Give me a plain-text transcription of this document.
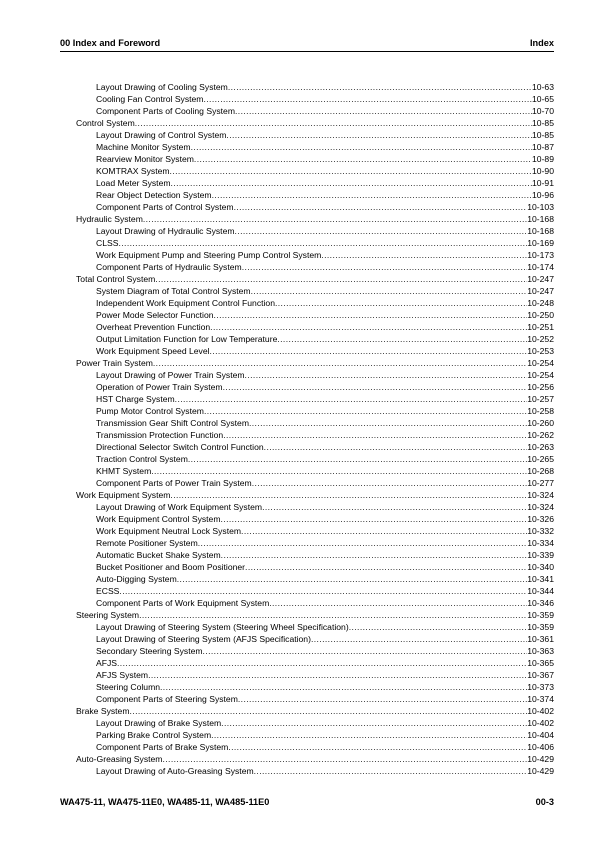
00 Index and Foreword	Index
Layout Drawing of Cooling System .....	10-63
Cooling Fan Control System .....	10-65
Component Parts of Cooling System .....	10-70
Control System .....	10-85
Layout Drawing of Control System .....	10-85
Machine Monitor System .....	10-87
Rearview Monitor System .....	10-89
KOMTRAX System .....	10-90
Load Meter System .....	10-91
Rear Object Detection System .....	10-96
Component Parts of Control System .....	10-103
Hydraulic System .....	10-168
Layout Drawing of Hydraulic System .....	10-168
CLSS .....	10-169
Work Equipment Pump and Steering Pump Control System .....	10-173
Component Parts of Hydraulic System .....	10-174
Total Control System .....	10-247
System Diagram of Total Control System .....	10-247
Independent Work Equipment Control Function .....	10-248
Power Mode Selector Function .....	10-250
Overheat Prevention Function .....	10-251
Output Limitation Function for Low Temperature .....	10-252
Work Equipment Speed Level .....	10-253
Power Train System .....	10-254
Layout Drawing of Power Train System .....	10-254
Operation of Power Train System .....	10-256
HST Charge System .....	10-257
Pump Motor Control System .....	10-258
Transmission Gear Shift Control System .....	10-260
Transmission Protection Function .....	10-262
Directional Selector Switch Control Function .....	10-263
Traction Control System .....	10-265
KHMT System .....	10-268
Component Parts of Power Train System .....	10-277
Work Equipment System .....	10-324
Layout Drawing of Work Equipment System .....	10-324
Work Equipment Control System .....	10-326
Work Equipment Neutral Lock System .....	10-332
Remote Positioner System .....	10-334
Automatic Bucket Shake System .....	10-339
Bucket Positioner and Boom Positioner .....	10-340
Auto-Digging System .....	10-341
ECSS .....	10-344
Component Parts of Work Equipment System .....	10-346
Steering System .....	10-359
Layout Drawing of Steering System (Steering Wheel Specification) .....	10-359
Layout Drawing of Steering System (AFJS Specification) .....	10-361
Secondary Steering System .....	10-363
AFJS .....	10-365
AFJS System .....	10-367
Steering Column .....	10-373
Component Parts of Steering System .....	10-374
Brake System .....	10-402
Layout Drawing of Brake System .....	10-402
Parking Brake Control System .....	10-404
Component Parts of Brake System .....	10-406
Auto-Greasing System .....	10-429
Layout Drawing of Auto-Greasing System .....	10-429
WA475-11, WA475-11E0, WA485-11, WA485-11E0	00-3
